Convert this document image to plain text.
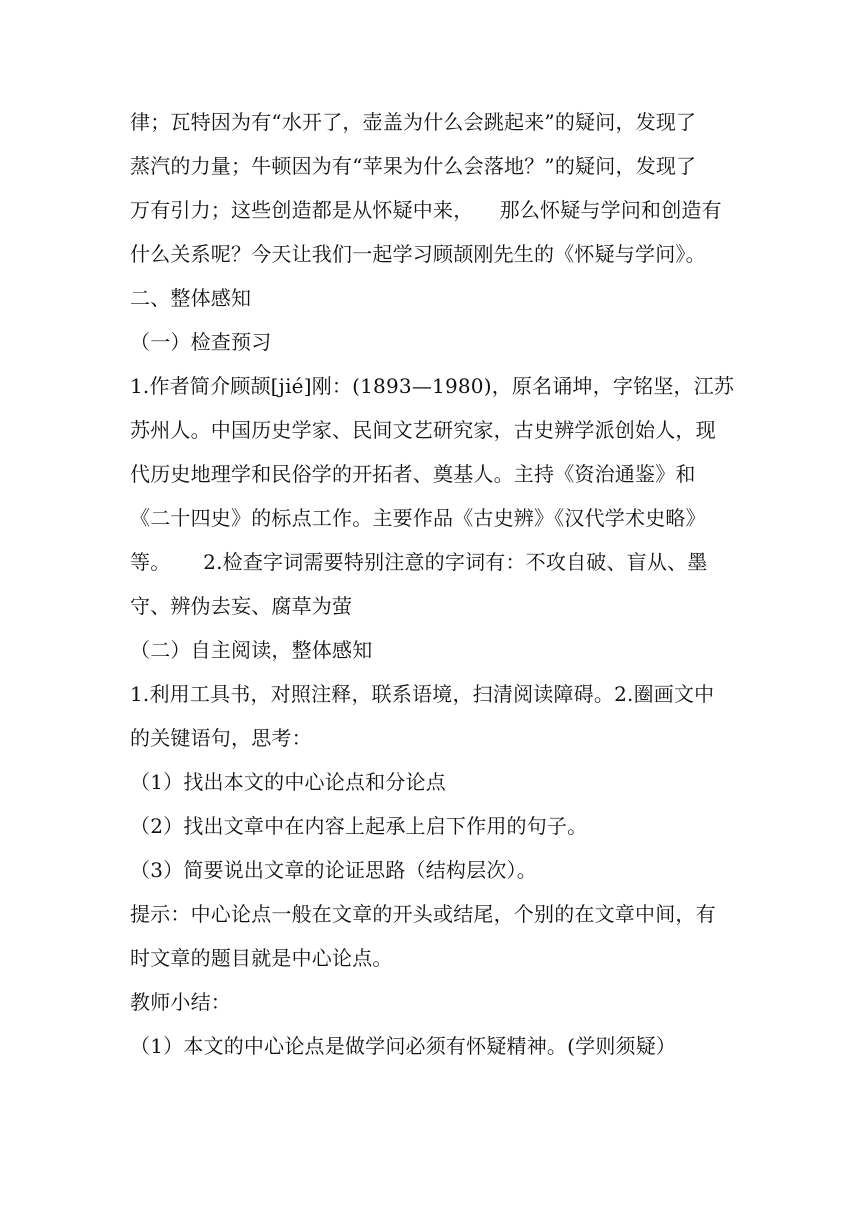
律；瓦特因为有“水开了，壶盖为什么会跳起来”的疑问，发现了
蒸汽的力量；牛顿因为有“苹果为什么会落地？”的疑问，发现了
万有引力；这些创造都是从怀疑中来，    那么怀疑与学问和创造有
什么关系呢？今天让我们一起学习顾颉刚先生的《怀疑与学问》。
二、整体感知
（一）检查预习
1.作者简介顾颉[jié]刚：(1893—1980)，原名诵坤，字铭坚，江苏
苏州人。中国历史学家、民间文艺研究家，古史辨学派创始人，现
代历史地理学和民俗学的开拓者、奠基人。主持《资治通鉴》和
《二十四史》的标点工作。主要作品《古史辨》《汉代学术史略》
等。     2.检查字词需要特别注意的字词有：不攻自破、盲从、墨
守、辨伪去妄、腐草为萤
（二）自主阅读，整体感知
1.利用工具书，对照注释，联系语境，扫清阅读障碍。2.圈画文中
的关键语句，思考：
（1）找出本文的中心论点和分论点
（2）找出文章中在内容上起承上启下作用的句子。
（3）简要说出文章的论证思路（结构层次）。
提示：中心论点一般在文章的开头或结尾，个别的在文章中间，有
时文章的题目就是中心论点。
教师小结：
（1）本文的中心论点是做学问必须有怀疑精神。(学则须疑）
